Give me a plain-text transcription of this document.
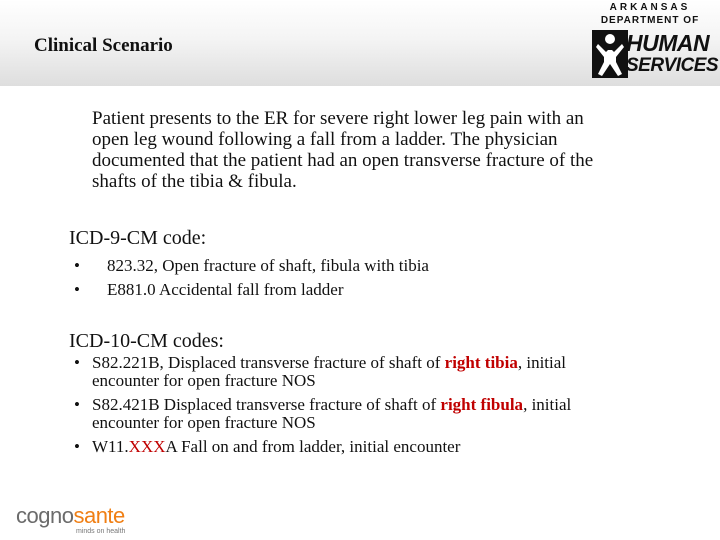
Clinical Scenario
ARKANSAS
DEPARTMENT OF
HUMAN
SERVICES
Patient presents to the ER for severe right lower leg pain with an
open leg wound following a fall from a ladder. The physician
documented that the patient had an open transverse fracture of the
shafts of the tibia & fibula.
ICD-9-CM code:
•	823.32, Open fracture of shaft, fibula with tibia
•	E881.0 Accidental fall from ladder
ICD-10-CM codes:
• S82.221B, Displaced transverse fracture of shaft of right tibia, initial
encounter for open fracture NOS
• S82.421B Displaced transverse fracture of shaft of right fibula, initial
encounter for open fracture NOS
• W11.XXXA Fall on and from ladder, initial encounter
cognosante
minds on health
